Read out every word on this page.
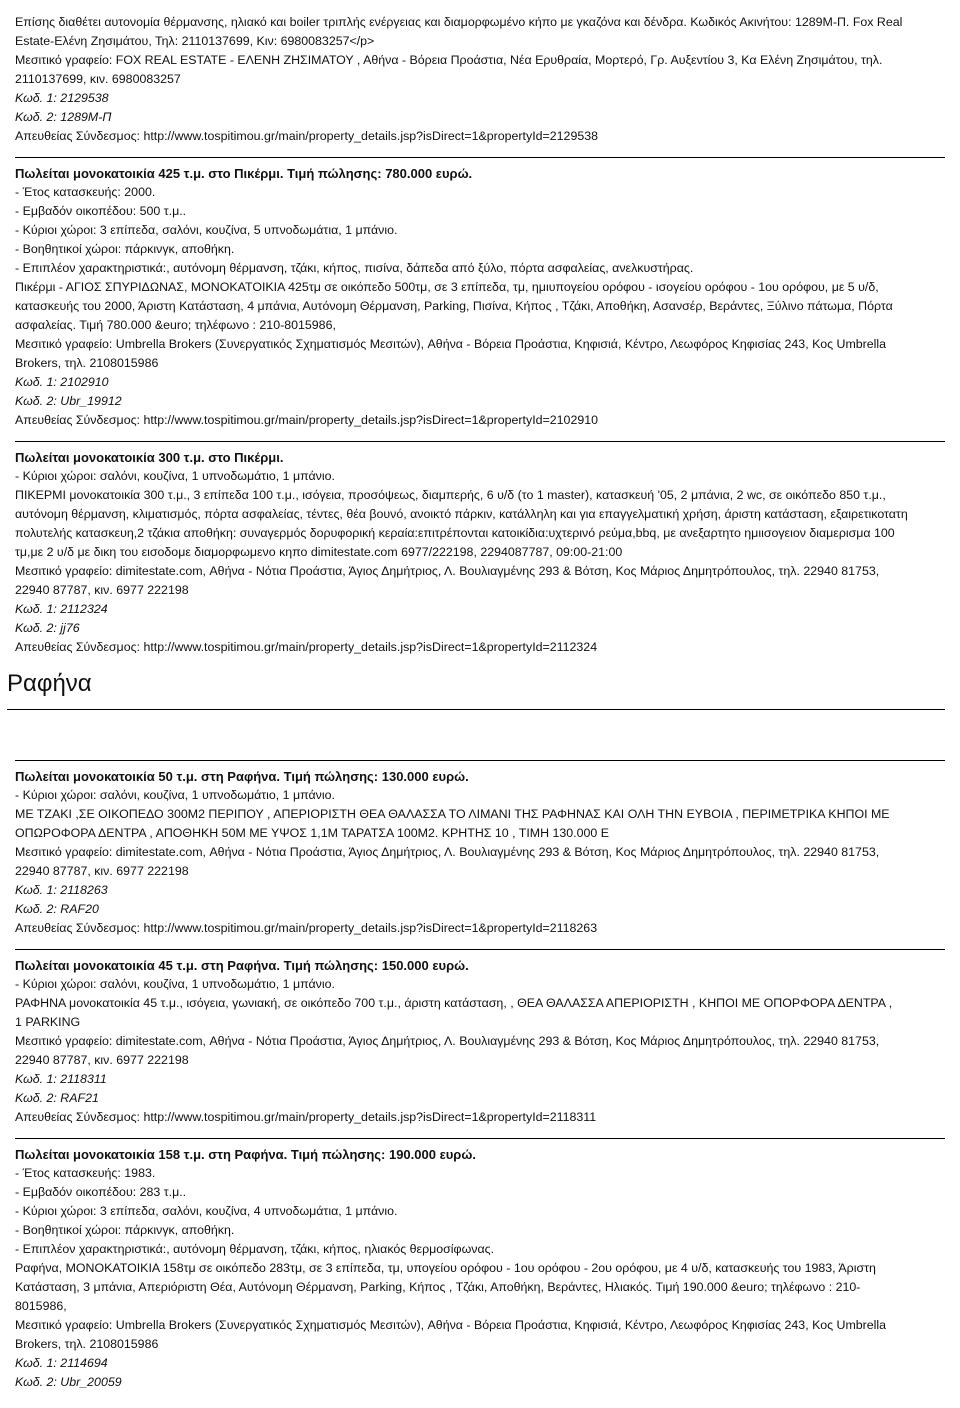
Επίσης διαθέτει αυτονομία θέρμανσης, ηλιακό και boiler τριπλής ενέργειας και διαμορφωμένο κήπο με γκαζόνα και δένδρα. Κωδικός Ακινήτου: 1289Μ-Π. Fox Real
Estate-Ελένη Ζησιμάτου, Τηλ: 2110137699, Κιν: 6980083257</p>
Μεσιτικό γραφείο: FOX REAL ESTATE - ΕΛΕΝΗ ΖΗΣΙΜΑΤΟΥ , Αθήνα - Βόρεια Προάστια, Νέα Ερυθραία, Μορτερό, Γρ. Αυξεντίου 3, Κα Ελένη Ζησιμάτου, τηλ.
2110137699, κιν. 6980083257
Κωδ. 1: 2129538
Κωδ. 2: 1289Μ-Π
Απευθείας Σύνδεσμος: http://www.tospitimou.gr/main/property_details.jsp?isDirect=1&propertyId=2129538
Πωλείται μονοκατοικία 425 τ.μ. στο Πικέρμι. Τιμή πώλησης: 780.000 ευρώ.
- Έτος κατασκευής: 2000.
- Εμβαδόν οικοπέδου: 500 τ.μ..
- Κύριοι χώροι: 3 επίπεδα, σαλόνι, κουζίνα, 5 υπνοδωμάτια, 1 μπάνιο.
- Βοηθητικοί χώροι: πάρκινγκ, αποθήκη.
- Επιπλέον χαρακτηριστικά:, αυτόνομη θέρμανση, τζάκι, κήπος, πισίνα, δάπεδα από ξύλο, πόρτα ασφαλείας, ανελκυστήρας.
Πικέρμι - ΑΓΙΟΣ ΣΠΥΡΙΔΩΝΑΣ, ΜΟΝΟΚΑΤΟΙΚΙΑ 425τμ σε οικόπεδο 500τμ, σε 3 επίπεδα, τμ, ημιυπογείου ορόφου - ισογείου ορόφου - 1ου ορόφου, με 5 υ/δ,
κατασκευής του 2000, Άριστη Κατάσταση, 4 μπάνια, Αυτόνομη Θέρμανση, Parking, Πισίνα, Κήπος , Τζάκι, Αποθήκη, Ασανσέρ, Βεράντες, Ξύλινο πάτωμα, Πόρτα
ασφαλείας. Τιμή 780.000 &euro; τηλέφωνο : 210-8015986,
Μεσιτικό γραφείο: Umbrella Brokers (Συνεργατικός Σχηματισμός Μεσιτών), Αθήνα - Βόρεια Προάστια, Κηφισιά, Κέντρο, Λεωφόρος Κηφισίας 243, Κος Umbrella
Brokers, τηλ. 2108015986
Κωδ. 1: 2102910
Κωδ. 2: Ubr_19912
Απευθείας Σύνδεσμος: http://www.tospitimou.gr/main/property_details.jsp?isDirect=1&propertyId=2102910
Πωλείται μονοκατοικία 300 τ.μ. στο Πικέρμι.
- Κύριοι χώροι: σαλόνι, κουζίνα, 1 υπνοδωμάτιο, 1 μπάνιο.
ΠΙΚΕΡΜΙ μονοκατοικία 300 τ.μ., 3 επίπεδα 100 τ.μ., ισόγεια, προσόψεως, διαμπερής, 6 υ/δ (το 1 master), κατασκευή '05, 2 μπάνια, 2 wc, σε οικόπεδο 850 τ.μ.,
αυτόνομη θέρμανση, κλιματισμός, πόρτα ασφαλείας, τέντες, θέα βουνό, ανοικτό πάρκιν, κατάλληλη και για επαγγελματική χρήση, άριστη κατάσταση, εξαιρετικοτατη
πολυτελής κατασκευη,2 τζάκια αποθήκη: συναγερμός δορυφορική κεραία:επιτρέπονται κατοικίδια:υχτερινό ρεύμα,bbq, με ανεξαρτητο ημιισογειον διαμερισμα 100
τμ,με 2 υ/δ με δικη του εισοδομε διαμορφωμενο κηπο dimitestate.com 6977/222198, 2294087787, 09:00-21:00
Μεσιτικό γραφείο: dimitestate.com, Αθήνα - Νότια Προάστια, Άγιος Δημήτριος, Λ. Βουλιαγμένης 293 & Βότση, Κος Μάριος Δημητρόπουλος, τηλ. 22940 81753,
22940 87787, κιν. 6977 222198
Κωδ. 1: 2112324
Κωδ. 2: jj76
Απευθείας Σύνδεσμος: http://www.tospitimou.gr/main/property_details.jsp?isDirect=1&propertyId=2112324
Ραφήνα
Πωλείται μονοκατοικία 50 τ.μ. στη Ραφήνα. Τιμή πώλησης: 130.000 ευρώ.
- Κύριοι χώροι: σαλόνι, κουζίνα, 1 υπνοδωμάτιο, 1 μπάνιο.
ΜΕ ΤΖΑΚΙ ,ΣΕ ΟΙΚΟΠΕΔΟ 300Μ2 ΠΕΡΙΠΟΥ , ΑΠΕΡΙΟΡΙΣΤΗ ΘΕΑ ΘΑΛΑΣΣΑ ΤΟ ΛΙΜΑΝΙ ΤΗΣ ΡΑΦΗΝΑΣ ΚΑΙ ΟΛΗ ΤΗΝ ΕΥΒΟΙΑ , ΠΕΡΙΜΕΤΡΙΚΑ ΚΗΠΟΙ ΜΕ
ΟΠΩΡΟΦΟΡΑ ΔΕΝΤΡΑ , ΑΠΟΘΗΚΗ 50Μ ΜΕ ΥΨΟΣ 1,1Μ ΤΑΡΑΤΣΑ 100Μ2. ΚΡΗΤΗΣ 10 , ΤΙΜΗ 130.000 Ε
Μεσιτικό γραφείο: dimitestate.com, Αθήνα - Νότια Προάστια, Άγιος Δημήτριος, Λ. Βουλιαγμένης 293 & Βότση, Κος Μάριος Δημητρόπουλος, τηλ. 22940 81753,
22940 87787, κιν. 6977 222198
Κωδ. 1: 2118263
Κωδ. 2: RAF20
Απευθείας Σύνδεσμος: http://www.tospitimou.gr/main/property_details.jsp?isDirect=1&propertyId=2118263
Πωλείται μονοκατοικία 45 τ.μ. στη Ραφήνα. Τιμή πώλησης: 150.000 ευρώ.
- Κύριοι χώροι: σαλόνι, κουζίνα, 1 υπνοδωμάτιο, 1 μπάνιο.
ΡΑΦΗΝΑ μονοκατοικία 45 τ.μ., ισόγεια, γωνιακή, σε οικόπεδο 700 τ.μ., άριστη κατάσταση, , ΘΕΑ ΘΑΛΑΣΣΑ ΑΠΕΡΙΟΡΙΣΤΗ , ΚΗΠΟΙ ΜΕ ΟΠΟΡΦΟΡΑ ΔΕΝΤΡΑ ,
1 PARKING
Μεσιτικό γραφείο: dimitestate.com, Αθήνα - Νότια Προάστια, Άγιος Δημήτριος, Λ. Βουλιαγμένης 293 & Βότση, Κος Μάριος Δημητρόπουλος, τηλ. 22940 81753,
22940 87787, κιν. 6977 222198
Κωδ. 1: 2118311
Κωδ. 2: RAF21
Απευθείας Σύνδεσμος: http://www.tospitimou.gr/main/property_details.jsp?isDirect=1&propertyId=2118311
Πωλείται μονοκατοικία 158 τ.μ. στη Ραφήνα. Τιμή πώλησης: 190.000 ευρώ.
- Έτος κατασκευής: 1983.
- Εμβαδόν οικοπέδου: 283 τ.μ..
- Κύριοι χώροι: 3 επίπεδα, σαλόνι, κουζίνα, 4 υπνοδωμάτια, 1 μπάνιο.
- Βοηθητικοί χώροι: πάρκινγκ, αποθήκη.
- Επιπλέον χαρακτηριστικά:, αυτόνομη θέρμανση, τζάκι, κήπος, ηλιακός θερμοσίφωνας.
Ραφήνα, ΜΟΝΟΚΑΤΟΙΚΙΑ 158τμ σε οικόπεδο 283τμ, σε 3 επίπεδα, τμ, υπογείου ορόφου - 1ου ορόφου - 2ου ορόφου, με 4 υ/δ, κατασκευής του 1983, Άριστη
Κατάσταση, 3 μπάνια, Απεριόριστη Θέα, Αυτόνομη Θέρμανση, Parking, Κήπος , Τζάκι, Αποθήκη, Βεράντες, Ηλιακός. Τιμή 190.000 &euro; τηλέφωνο : 210-
8015986,
Μεσιτικό γραφείο: Umbrella Brokers (Συνεργατικός Σχηματισμός Μεσιτών), Αθήνα - Βόρεια Προάστια, Κηφισιά, Κέντρο, Λεωφόρος Κηφισίας 243, Κος Umbrella
Brokers, τηλ. 2108015986
Κωδ. 1: 2114694
Κωδ. 2: Ubr_20059
